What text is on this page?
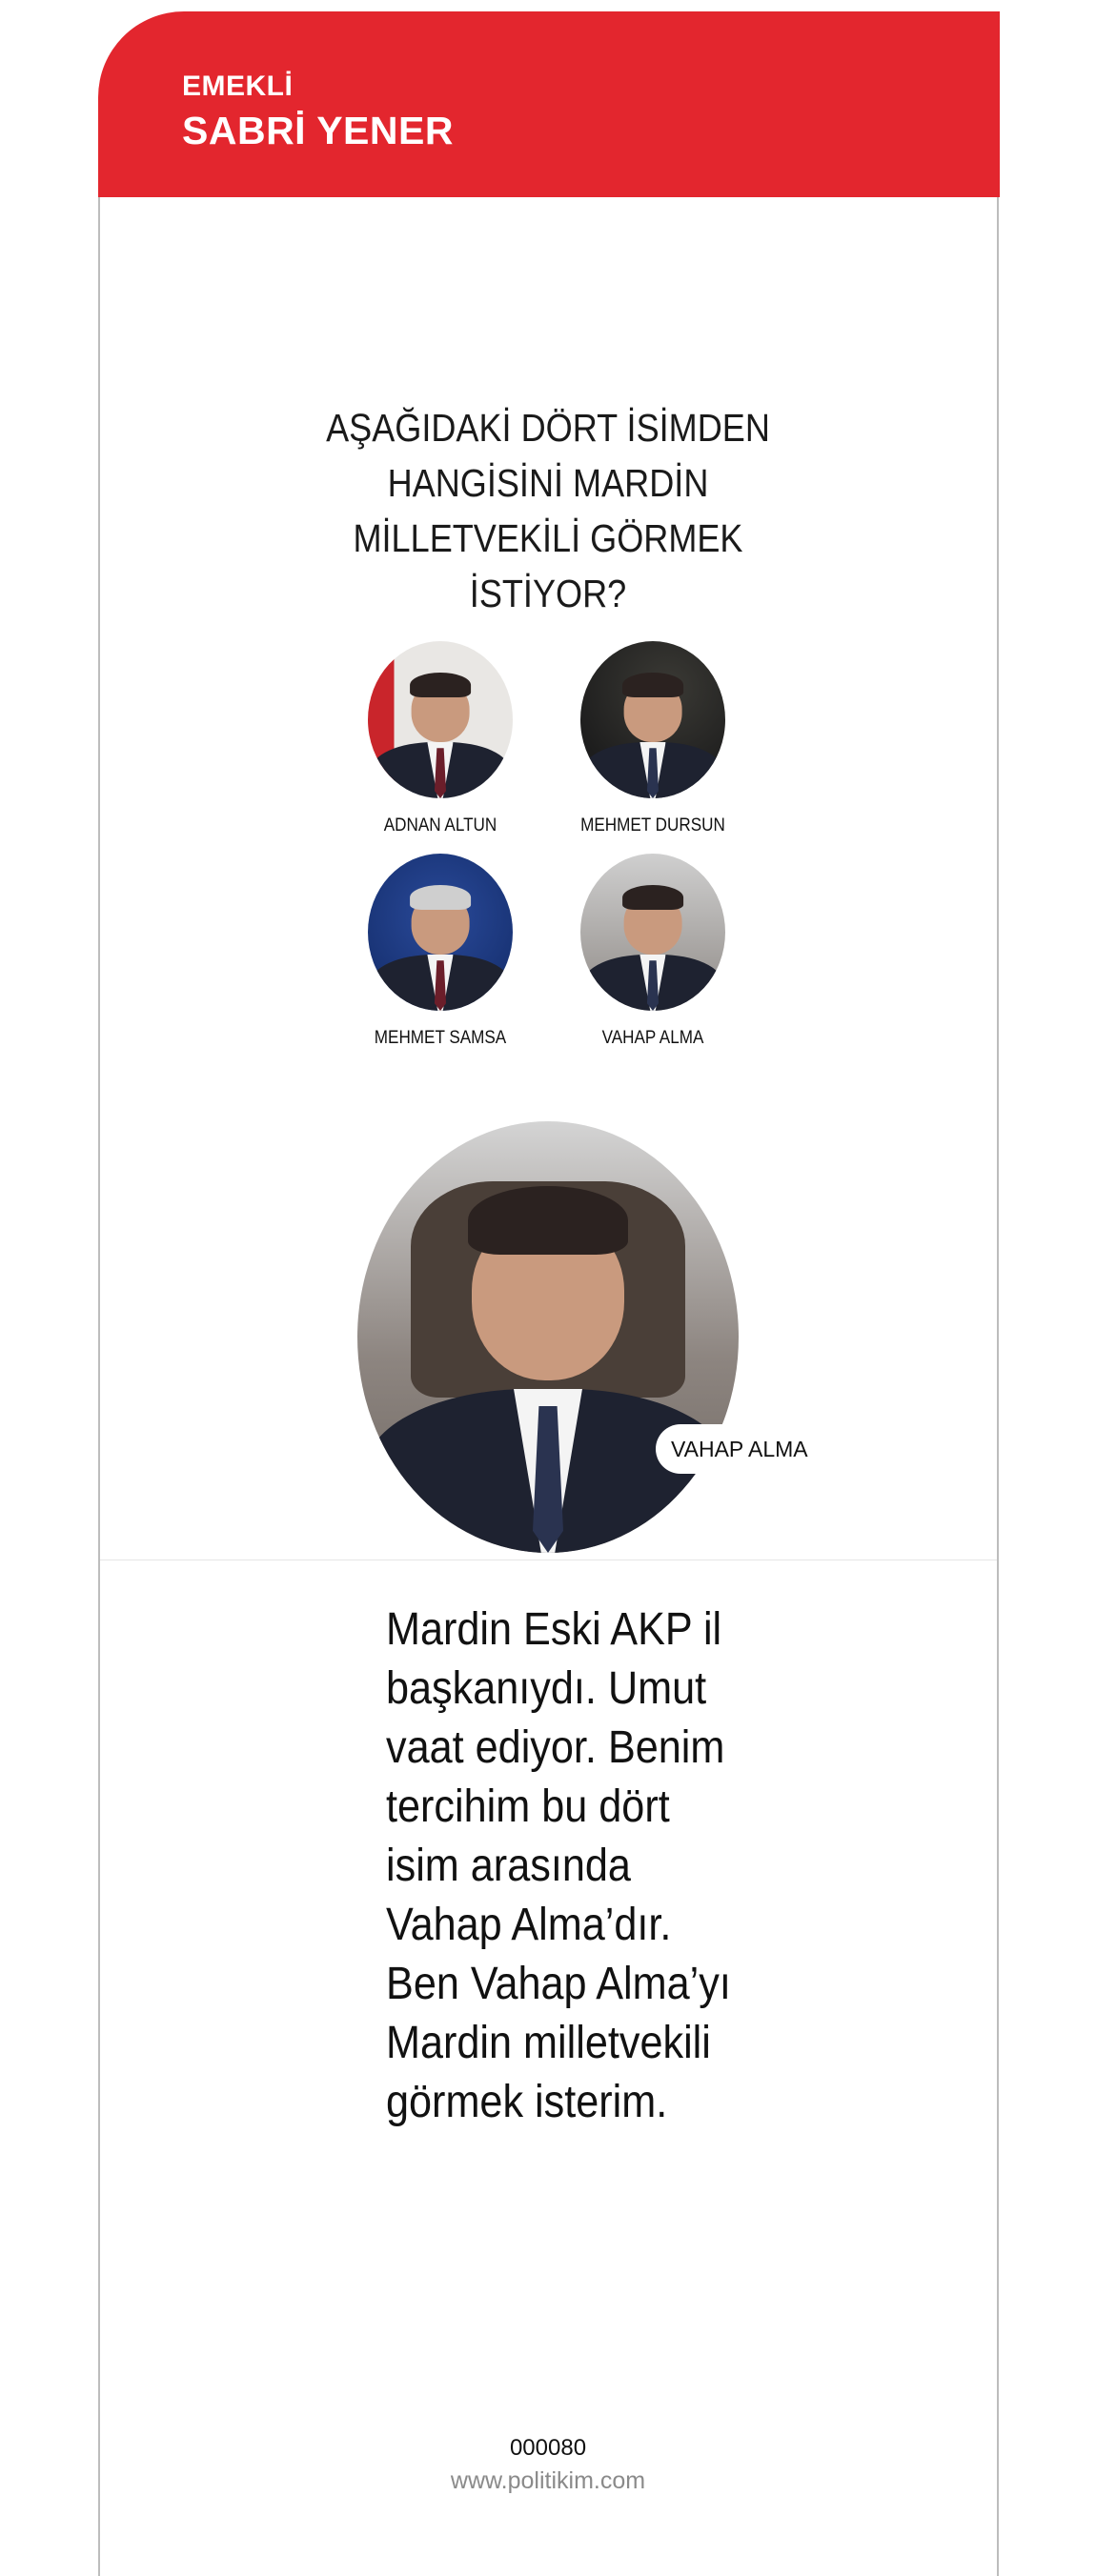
EMEKLİ
SABRİ YENER
AŞAĞIDAKİ DÖRT İSİMDEN HANGİSİNİ MARDİN MİLLETVEKİLİ GÖRMEK İSTİYOR?
ADNAN ALTUN	MEHMET DURSUN
MEHMET SAMSA	VAHAP ALMA
VAHAP ALMA
Mardin Eski AKP il başkanıydı. Umut vaat ediyor. Benim tercihim bu dört isim arasında Vahap Alma’dır. Ben Vahap Alma’yı Mardin milletvekili görmek isterim.
000080
www.politikim.com
